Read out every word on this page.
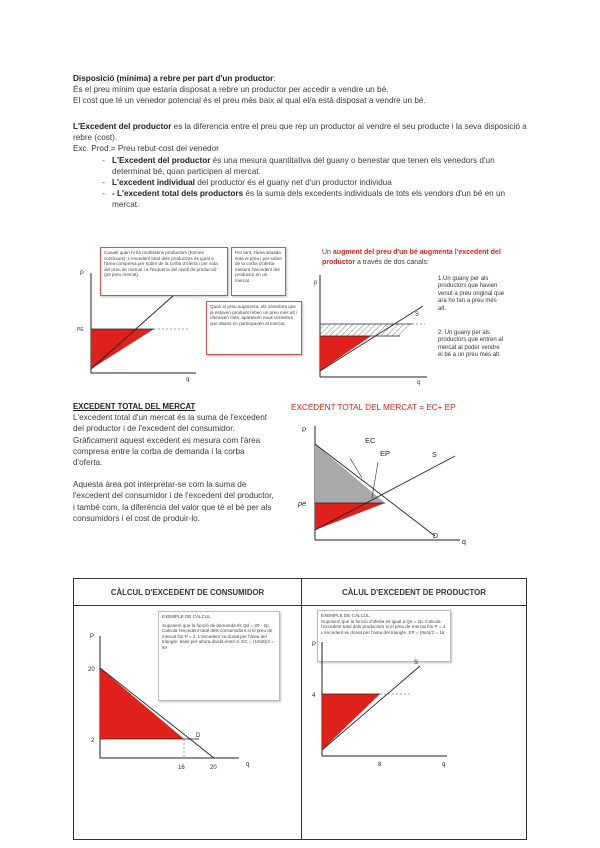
Disposició (mínima) a rebre per part d'un productor:
És el preu mínim que estaria disposat a rebre un productor per accedir a vendre un bé.
El cost que té un venedor potencial és el preu més baix al qual el/a està disposat a vendre un bé.
L'Excedent del productor es la diferencia entre el preu que rep un productor al vendre el seu producte i la seva disposició a rebre (cost).
Exc. Prod.= Preu rebut-cost del venedor
- L'Excedent del productor és una mesura quantitativa del guany o benestar que tenen els venedors d'un determinat bé, quan participen al mercat.
- L'excedent individual del productor és el guany net d'un productor individua
- - L'excedent total dels productors és la suma dels excedents individuals de tots els vendors d'un bé en un mercat.
P
PE
q
Canals quan hi ha moltíssims productors (formes contínues): L'excedent total dels productors és igual a l'àrea compresa per sobre de la corba d'oferta i per sota del preu de mercat i a l'esquerra del nivell de producció (p0 preu mercat).
Per tant, l'àrea situada sota el preu i per sobre de la corba d'oferta mesura l'excedent del productor en un mercat.
Quan el preu augmenta, els venedors que ja estaven produint reben un preu més alt i ofereixen més; apareixen nous venedors que abans no participaven al mercat.
Un augment del preu d'un bé augmenta l'excedent del productor a través de dos canals:
p
S
q
1.Un guany per als productors que havien venut a preu original que ara ho fan a preu més alt.
2. Un guany per als productors que entren al mercat al poder vendre el bé a un preu més alt.
EXCEDENT TOTAL DEL MERCAT
L'excedent total d'un mercat és la suma de l'excedent del productor i de l'excedent del consumidor. Gràficament aquest excedent es mesura com l'àrea compresa entre la corba de demanda i la corba d'oferta.
Aquesta àrea pot interpretar-se com la suma de l'excedent del consumidor i de l'excedent del productor, i també com, la diferència del valor que té el bé per als consumidors i el cost de produir-lo.
EXCEDENT TOTAL DEL MERCAT = EC+ EP
P
EC
EP	S
pe
D
q
CÀLCUL D'EXCEDENT DE CONSUMIDOR	CÀLUL D'EXCEDENT DE PRODUCTOR
EXEMPLE DE CÀLCUL
Suposem que la funció de demanda és Qd = 20 - 2p. Calcula l'excedent total dels consumidors si el preu de mercat fos P = 2. L'excedent ve donat per l'àrea del triangle: base per altura dividit entre 2. EC = (16x8)/2 = 64
P
20
2
16	20
D
q
EXEMPLE DE CÀLCUL
Suposem que la funció d'oferta és igual a Qs = 2p. Calcula l'excedent total dels productors si el preu de mercat fos P = 4. L'excedent ve donat per l'àrea del triangle. EP = (8x4)/2 = 16
P
S
4
8	q
